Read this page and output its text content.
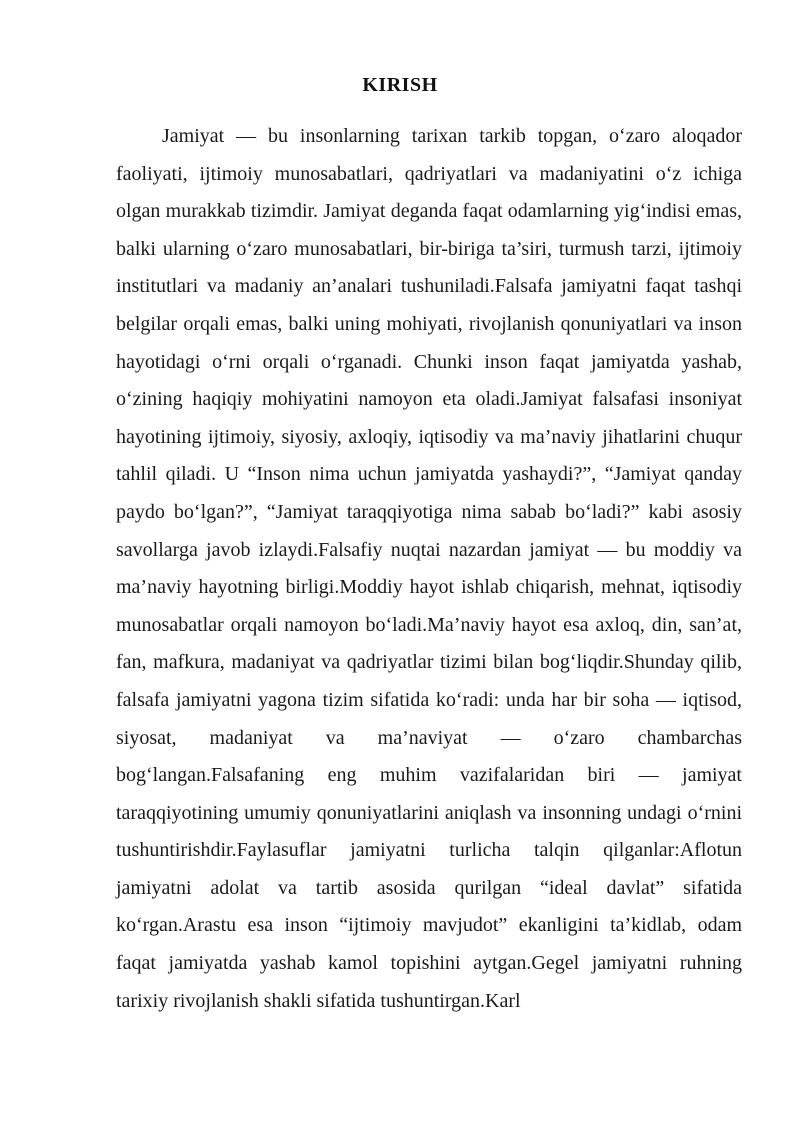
KIRISH

Jamiyat — bu insonlarning tarixan tarkib topgan, o‘zaro aloqador faoliyati, ijtimoiy munosabatlari, qadriyatlari va madaniyatini o‘z ichiga olgan murakkab tizimdir. Jamiyat deganda faqat odamlarning yig‘indisi emas, balki ularning o‘zaro munosabatlari, bir-biriga ta’siri, turmush tarzi, ijtimoiy institutlari va madaniy an’analari tushuniladi.Falsafa jamiyatni faqat tashqi belgilar orqali emas, balki uning mohiyati, rivojlanish qonuniyatlari va inson hayotidagi o‘rni orqali o‘rganadi. Chunki inson faqat jamiyatda yashab, o‘zining haqiqiy mohiyatini namoyon eta oladi.Jamiyat falsafasi insoniyat hayotining ijtimoiy, siyosiy, axloqiy, iqtisodiy va ma’naviy jihatlarini chuqur tahlil qiladi. U “Inson nima uchun jamiyatda yashaydi?”, “Jamiyat qanday paydo bo‘lgan?”, “Jamiyat taraqqiyotiga nima sabab bo‘ladi?” kabi asosiy savollarga javob izlaydi.Falsafiy nuqtai nazardan jamiyat — bu moddiy va ma’naviy hayotning birligi.Moddiy hayot ishlab chiqarish, mehnat, iqtisodiy munosabatlar orqali namoyon bo‘ladi.Ma’naviy hayot esa axloq, din, san’at, fan, mafkura, madaniyat va qadriyatlar tizimi bilan bog‘liqdir.Shunday qilib, falsafa jamiyatni yagona tizim sifatida ko‘radi: unda har bir soha — iqtisod, siyosat, madaniyat va ma’naviyat — o‘zaro chambarchas bog‘langan.Falsafaning eng muhim vazifalaridan biri — jamiyat taraqqiyotining umumiy qonuniyatlarini aniqlash va insonning undagi o‘rnini tushuntirishdir.Faylasuflar jamiyatni turlicha talqin qilganlar:Aflotun jamiyatni adolat va tartib asosida qurilgan “ideal davlat” sifatida ko‘rgan.Arastu esa inson “ijtimoiy mavjudot” ekanligini ta’kidlab, odam faqat jamiyatda yashab kamol topishini aytgan.Gegel jamiyatni ruhning tarixiy rivojlanish shakli sifatida tushuntirgan.Karl
